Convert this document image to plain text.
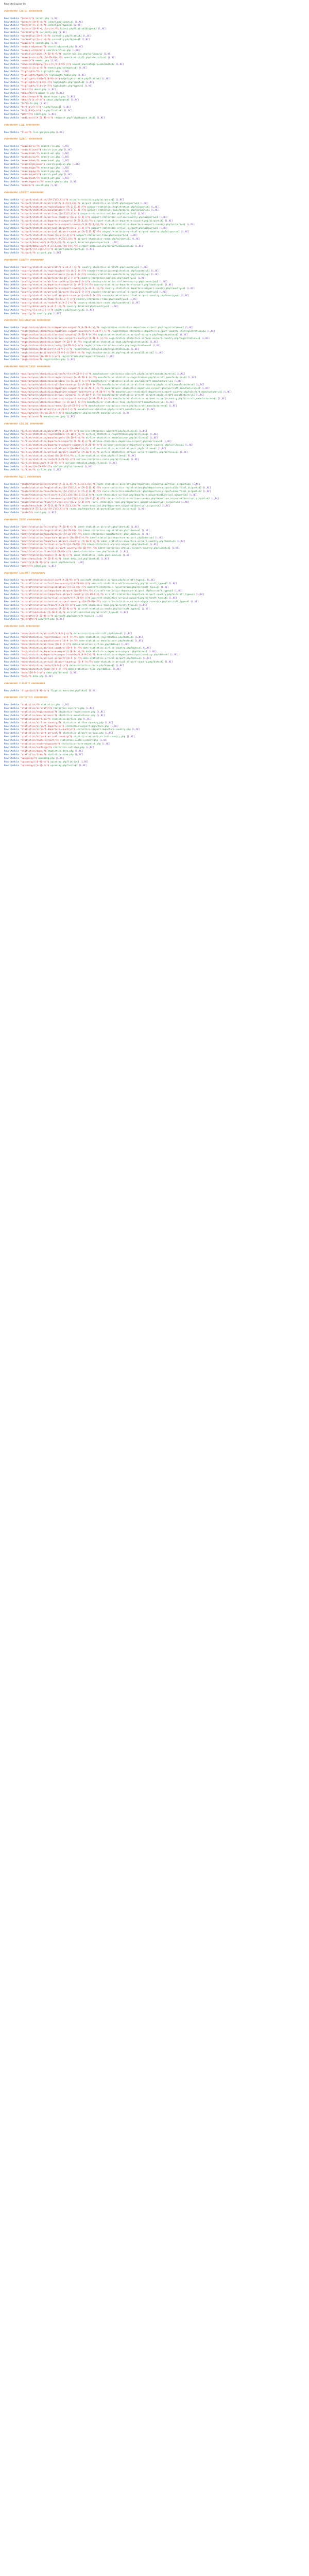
RewriteEngine On
########## STATIC ##########
RewriteRule ^latest/?$ latest.php [L,NC]
RewriteRule ^latest/([0-9]+)/?$ latest.php?limit=$1 [L,NC]
RewriteRule ^latest/([a-z]+)/?$ latest.php?type=$1 [L,NC]
RewriteRule ^latest/([0-9]+)/([a-z]+)/?$ latest.php?limit=$1&type=$2 [L,NC]
RewriteRule ^currently/?$ currently.php [L,NC]
RewriteRule ^currently/([0-9]+)/?$ currently.php?limit=$1 [L,NC]
RewriteRule ^currently/([a-z]+)/?$ currently.php?type=$1 [L,NC]
RewriteRule ^search/?$ search.php [L,NC]
RewriteRule ^search-advanced/?$ search-advanced.php [L,NC]
RewriteRule ^search-archive/?$ search-archive.php [L,NC]
RewriteRule ^search-airline/([A-Z0-9]+)/?$ search-airline.php?airline=$1 [L,NC]
RewriteRule ^search-aircraft/([A-Z0-9]+)/?$ search-aircraft.php?aircraft=$1 [L,NC]
RewriteRule ^newest/?$ newest.php [L,NC]
RewriteRule ^newest/category/([a-z]+)/([0-9]+)/?$ newest.php?category=$1&limit=$2 [L,NC]
RewriteRule ^newest/([a-z]+)/?$ newest.php?category=$1 [L,NC]
RewriteRule ^highlights/?$ highlights.php [L,NC]
RewriteRule ^highlights/table/?$ highlights-table.php [L,NC]
RewriteRule ^highlights/table/([0-9]+)/?$ highlights-table.php?limit=$1 [L,NC]
RewriteRule ^highlights/([0-9]+)/?$ highlights.php?limit=$1 [L,NC]
RewriteRule ^highlights/([a-z]+)/?$ highlights.php?type=$1 [L,NC]
RewriteRule ^about/?$ about.php [L,NC]
RewriteRule ^about/tv/?$ about-tv.php [L,NC]
RewriteRule ^about/export/?$ about-export.php [L,NC]
RewriteRule ^about/([a-z]+)/?$ about.php?page=$1 [L,NC]
RewriteRule ^tv/?$ tv.php [L,NC]
RewriteRule ^tv/([a-z]+)/?$ tv.php?type=$1 [L,NC]
RewriteRule ^tv/([0-9]+)/?$ tv.php?limit=$1 [L,NC]
RewriteRule ^ident/?$ ident.php [L,NC]
RewriteRule ^redirect/([A-Z0-9]+)/?$ redirect.php?flightaware_id=$1 [L,NC]
########## LIVE ##########
RewriteRule ^live/?$ live-geojson.php [L,NC]
########## SEARCH ##########
RewriteRule ^search/rss/?$ search-rss.php [L,NC]
RewriteRule ^search/json/?$ search-json.php [L,NC]
RewriteRule ^search/xml/?$ search-xml.php [L,NC]
RewriteRule ^search/csv/?$ search-csv.php [L,NC]
RewriteRule ^search/kml/?$ search-kml.php [L,NC]
RewriteRule ^search/geojson/?$ search-geojson.php [L,NC]
RewriteRule ^search/gpx/?$ search-gpx.php [L,NC]
RewriteRule ^search/php/?$ search-php.php [L,NC]
RewriteRule ^search/yaml/?$ search-yaml.php [L,NC]
RewriteRule ^search/wkt/?$ search-wkt.php [L,NC]
RewriteRule ^search/georss/?$ search-georss.php [L,NC]
RewriteRule ^search/?$ search.php [L,NC]
########## AIRPORT ##########
RewriteRule ^airport/statistics/([A-Z]{3,4})/?$ airport-statistics.php?airport=$1 [L,NC]
RewriteRule ^airport/statistics/aircraft/([A-Z]{3,4})/?$ airport-statistics-aircraft.php?airport=$1 [L,NC]
RewriteRule ^airport/statistics/registration/([A-Z]{3,4})/?$ airport-statistics-registration.php?airport=$1 [L,NC]
RewriteRule ^airport/statistics/manufacturer/([A-Z]{3,4})/?$ airport-statistics-manufacturer.php?airport=$1 [L,NC]
RewriteRule ^airport/statistics/airline/([A-Z]{3,4})/?$ airport-statistics-airline.php?airport=$1 [L,NC]
RewriteRule ^airport/statistics/airline-country/([A-Z]{3,4})/?$ airport-statistics-airline-country.php?airport=$1 [L,NC]
RewriteRule ^airport/statistics/departure-airport/([A-Z]{3,4})/?$ airport-statistics-departure-airport.php?airport=$1 [L,NC]
RewriteRule ^airport/statistics/departure-airport-country/([A-Z]{3,4})/?$ airport-statistics-departure-airport-country.php?airport=$1 [L,NC]
RewriteRule ^airport/statistics/arrival-airport/([A-Z]{3,4})/?$ airport-statistics-arrival-airport.php?airport=$1 [L,NC]
RewriteRule ^airport/statistics/arrival-airport-country/([A-Z]{3,4})/?$ airport-statistics-arrival-airport-country.php?airport=$1 [L,NC]
RewriteRule ^airport/statistics/time/([A-Z]{3,4})/?$ airport-statistics-time.php?airport=$1 [L,NC]
RewriteRule ^airport/statistics/route/([A-Z]{3,4})/?$ airport-statistics-route.php?airport=$1 [L,NC]
RewriteRule ^airport/detailed/([A-Z]{3,4})/?$ airport-detailed.php?airport=$1 [L,NC]
RewriteRule ^airport/detailed/([A-Z]{3,4})/([0-9]+)/?$ airport-detailed.php?airport=$1&limit=$2 [L,NC]
RewriteRule ^airport/([A-Z]{3,4})/?$ airport.php?airport=$1 [L,NC]
RewriteRule ^airport/?$ airport.php [L,NC]
########## COUNTRY ##########
RewriteRule ^country/statistics/aircraft/([a-zA-Z-]+)/?$ country-statistics-aircraft.php?country=$1 [L,NC]
RewriteRule ^country/statistics/registration/([a-zA-Z-]+)/?$ country-statistics-registration.php?country=$1 [L,NC]
RewriteRule ^country/statistics/manufacturer/([a-zA-Z-]+)/?$ country-statistics-manufacturer.php?country=$1 [L,NC]
RewriteRule ^country/statistics/airline/([a-zA-Z-]+)/?$ country-statistics-airline.php?country=$1 [L,NC]
RewriteRule ^country/statistics/airline-country/([a-zA-Z-]+)/?$ country-statistics-airline-country.php?country=$1 [L,NC]
RewriteRule ^country/statistics/departure-airport/([a-zA-Z-]+)/?$ country-statistics-departure-airport.php?country=$1 [L,NC]
RewriteRule ^country/statistics/departure-airport-country/([a-zA-Z-]+)/?$ country-statistics-departure-airport-country.php?country=$1 [L,NC]
RewriteRule ^country/statistics/arrival-airport/([a-zA-Z-]+)/?$ country-statistics-arrival-airport.php?country=$1 [L,NC]
RewriteRule ^country/statistics/arrival-airport-country/([a-zA-Z-]+)/?$ country-statistics-arrival-airport-country.php?country=$1 [L,NC]
RewriteRule ^country/statistics/time/([a-zA-Z-]+)/?$ country-statistics-time.php?country=$1 [L,NC]
RewriteRule ^country/statistics/route/([a-zA-Z-]+)/?$ country-statistics-route.php?country=$1 [L,NC]
RewriteRule ^country/detailed/([a-zA-Z-]+)/?$ country-detailed.php?country=$1 [L,NC]
RewriteRule ^country/([a-zA-Z-]+)/?$ country.php?country=$1 [L,NC]
RewriteRule ^country/?$ country.php [L,NC]
########## REGISTRATION ##########
RewriteRule ^registration/statistics/departure-airport/([A-Z0-9-]+)/?$ registration-statistics-departure-airport.php?registration=$1 [L,NC]
RewriteRule ^registration/statistics/departure-airport-country/([A-Z0-9-]+)/?$ registration-statistics-departure-airport-country.php?registration=$1 [L,NC]
RewriteRule ^registration/statistics/arrival-airport/([A-Z0-9-]+)/?$ registration-statistics-arrival-airport.php?registration=$1 [L,NC]
RewriteRule ^registration/statistics/arrival-airport-country/([A-Z0-9-]+)/?$ registration-statistics-arrival-airport-country.php?registration=$1 [L,NC]
RewriteRule ^registration/statistics/time/([A-Z0-9-]+)/?$ registration-statistics-time.php?registration=$1 [L,NC]
RewriteRule ^registration/statistics/route/([A-Z0-9-]+)/?$ registration-statistics-route.php?registration=$1 [L,NC]
RewriteRule ^registration/detailed/([A-Z0-9-]+)/?$ registration-detailed.php?registration=$1 [L,NC]
RewriteRule ^registration/detailed/([A-Z0-9-]+)/([0-9]+)/?$ registration-detailed.php?registration=$1&limit=$2 [L,NC]
RewriteRule ^registration/([A-Z0-9-]+)/?$ registration.php?registration=$1 [L,NC]
RewriteRule ^registration/?$ registration.php [L,NC]
########## MANUFACTURER ##########
RewriteRule ^manufacturer/statistics/aircraft/([a-zA-Z0-9-]+)/?$ manufacturer-statistics-aircraft.php?aircraft_manufacturer=$1 [L,NC]
RewriteRule ^manufacturer/statistics/registration/([a-zA-Z0-9-]+)/?$ manufacturer-statistics-registration.php?aircraft_manufacturer=$1 [L,NC]
RewriteRule ^manufacturer/statistics/airline/([a-zA-Z0-9-]+)/?$ manufacturer-statistics-airline.php?aircraft_manufacturer=$1 [L,NC]
RewriteRule ^manufacturer/statistics/airline-country/([a-zA-Z0-9-]+)/?$ manufacturer-statistics-airline-country.php?aircraft_manufacturer=$1 [L,NC]
RewriteRule ^manufacturer/statistics/departure-airport/([a-zA-Z0-9-]+)/?$ manufacturer-statistics-departure-airport.php?aircraft_manufacturer=$1 [L,NC]
RewriteRule ^manufacturer/statistics/departure-airport-country/([a-zA-Z0-9-]+)/?$ manufacturer-statistics-departure-airport-country.php?aircraft_manufacturer=$1 [L,NC]
RewriteRule ^manufacturer/statistics/arrival-airport/([a-zA-Z0-9-]+)/?$ manufacturer-statistics-arrival-airport.php?aircraft_manufacturer=$1 [L,NC]
RewriteRule ^manufacturer/statistics/arrival-airport-country/([a-zA-Z0-9-]+)/?$ manufacturer-statistics-arrival-airport-country.php?aircraft_manufacturer=$1 [L,NC]
RewriteRule ^manufacturer/statistics/time/([a-zA-Z0-9-]+)/?$ manufacturer-statistics-time.php?aircraft_manufacturer=$1 [L,NC]
RewriteRule ^manufacturer/statistics/route/([a-zA-Z0-9-]+)/?$ manufacturer-statistics-route.php?aircraft_manufacturer=$1 [L,NC]
RewriteRule ^manufacturer/detailed/([a-zA-Z0-9-]+)/?$ manufacturer-detailed.php?aircraft_manufacturer=$1 [L,NC]
RewriteRule ^manufacturer/([a-zA-Z0-9-]+)/?$ manufacturer.php?aircraft_manufacturer=$1 [L,NC]
RewriteRule ^manufacturer/?$ manufacturer.php [L,NC]
########## AIRLINE ##########
RewriteRule ^airline/statistics/aircraft/([A-Z0-9]+)/?$ airline-statistics-aircraft.php?airline=$1 [L,NC]
RewriteRule ^airline/statistics/registration/([A-Z0-9]+)/?$ airline-statistics-registration.php?airline=$1 [L,NC]
RewriteRule ^airline/statistics/manufacturer/([A-Z0-9]+)/?$ airline-statistics-manufacturer.php?airline=$1 [L,NC]
RewriteRule ^airline/statistics/departure-airport/([A-Z0-9]+)/?$ airline-statistics-departure-airport.php?airline=$1 [L,NC]
RewriteRule ^airline/statistics/departure-airport-country/([A-Z0-9]+)/?$ airline-statistics-departure-airport-country.php?airline=$1 [L,NC]
RewriteRule ^airline/statistics/arrival-airport/([A-Z0-9]+)/?$ airline-statistics-arrival-airport.php?airline=$1 [L,NC]
RewriteRule ^airline/statistics/arrival-airport-country/([A-Z0-9]+)/?$ airline-statistics-arrival-airport-country.php?airline=$1 [L,NC]
RewriteRule ^airline/statistics/time/([A-Z0-9]+)/?$ airline-statistics-time.php?airline=$1 [L,NC]
RewriteRule ^airline/statistics/route/([A-Z0-9]+)/?$ airline-statistics-route.php?airline=$1 [L,NC]
RewriteRule ^airline/detailed/([A-Z0-9]+)/?$ airline-detailed.php?airline=$1 [L,NC]
RewriteRule ^airline/([A-Z0-9]+)/?$ airline.php?airline=$1 [L,NC]
RewriteRule ^airline/?$ airline.php [L,NC]
########## ROUTE ##########
RewriteRule ^route/statistics/aircraft/([A-Z]{3,4})/([A-Z]{3,4})/?$ route-statistics-aircraft.php?departure_airport=$1&arrival_airport=$2 [L,NC]
RewriteRule ^route/statistics/registration/([A-Z]{3,4})/([A-Z]{3,4})/?$ route-statistics-registration.php?departure_airport=$1&arrival_airport=$2 [L,NC]
RewriteRule ^route/statistics/manufacturer/([A-Z]{3,4})/([A-Z]{3,4})/?$ route-statistics-manufacturer.php?departure_airport=$1&arrival_airport=$2 [L,NC]
RewriteRule ^route/statistics/airline/([A-Z]{3,4})/([A-Z]{3,4})/?$ route-statistics-airline.php?departure_airport=$1&arrival_airport=$2 [L,NC]
RewriteRule ^route/statistics/airline-country/([A-Z]{3,4})/([A-Z]{3,4})/?$ route-statistics-airline-country.php?departure_airport=$1&arrival_airport=$2 [L,NC]
RewriteRule ^route/statistics/time/([A-Z]{3,4})/([A-Z]{3,4})/?$ route-statistics-time.php?departure_airport=$1&arrival_airport=$2 [L,NC]
RewriteRule ^route/detailed/([A-Z]{3,4})/([A-Z]{3,4})/?$ route-detailed.php?departure_airport=$1&arrival_airport=$2 [L,NC]
RewriteRule ^route/([A-Z]{3,4})/([A-Z]{3,4})/?$ route.php?departure_airport=$1&arrival_airport=$2 [L,NC]
RewriteRule ^route/?$ route.php [L,NC]
########## IDENT ##########
RewriteRule ^ident/statistics/aircraft/([A-Z0-9]+)/?$ ident-statistics-aircraft.php?ident=$1 [L,NC]
RewriteRule ^ident/statistics/registration/([A-Z0-9]+)/?$ ident-statistics-registration.php?ident=$1 [L,NC]
RewriteRule ^ident/statistics/manufacturer/([A-Z0-9]+)/?$ ident-statistics-manufacturer.php?ident=$1 [L,NC]
RewriteRule ^ident/statistics/departure-airport/([A-Z0-9]+)/?$ ident-statistics-departure-airport.php?ident=$1 [L,NC]
RewriteRule ^ident/statistics/departure-airport-country/([A-Z0-9]+)/?$ ident-statistics-departure-airport-country.php?ident=$1 [L,NC]
RewriteRule ^ident/statistics/arrival-airport/([A-Z0-9]+)/?$ ident-statistics-arrival-airport.php?ident=$1 [L,NC]
RewriteRule ^ident/statistics/arrival-airport-country/([A-Z0-9]+)/?$ ident-statistics-arrival-airport-country.php?ident=$1 [L,NC]
RewriteRule ^ident/statistics/time/([A-Z0-9]+)/?$ ident-statistics-time.php?ident=$1 [L,NC]
RewriteRule ^ident/statistics/route/([A-Z0-9]+)/?$ ident-statistics-route.php?ident=$1 [L,NC]
RewriteRule ^ident/detailed/([A-Z0-9]+)/?$ ident-detailed.php?ident=$1 [L,NC]
RewriteRule ^ident/([A-Z0-9]+)/?$ ident.php?ident=$1 [L,NC]
RewriteRule ^ident/?$ ident.php [L,NC]
########## AIRCRAFT ##########
RewriteRule ^aircraft/statistics/airline/([A-Z0-9]+)/?$ aircraft-statistics-airline.php?aircraft_type=$1 [L,NC]
RewriteRule ^aircraft/statistics/airline-country/([A-Z0-9]+)/?$ aircraft-statistics-airline-country.php?aircraft_type=$1 [L,NC]
RewriteRule ^aircraft/statistics/registration/([A-Z0-9]+)/?$ aircraft-statistics-registration.php?aircraft_type=$1 [L,NC]
RewriteRule ^aircraft/statistics/departure-airport/([A-Z0-9]+)/?$ aircraft-statistics-departure-airport.php?aircraft_type=$1 [L,NC]
RewriteRule ^aircraft/statistics/departure-airport-country/([A-Z0-9]+)/?$ aircraft-statistics-departure-airport-country.php?aircraft_type=$1 [L,NC]
RewriteRule ^aircraft/statistics/arrival-airport/([A-Z0-9]+)/?$ aircraft-statistics-arrival-airport.php?aircraft_type=$1 [L,NC]
RewriteRule ^aircraft/statistics/arrival-airport-country/([A-Z0-9]+)/?$ aircraft-statistics-arrival-airport-country.php?aircraft_type=$1 [L,NC]
RewriteRule ^aircraft/statistics/time/([A-Z0-9]+)/?$ aircraft-statistics-time.php?aircraft_type=$1 [L,NC]
RewriteRule ^aircraft/statistics/route/([A-Z0-9]+)/?$ aircraft-statistics-route.php?aircraft_type=$1 [L,NC]
RewriteRule ^aircraft/detailed/([A-Z0-9]+)/?$ aircraft-detailed.php?aircraft_type=$1 [L,NC]
RewriteRule ^aircraft/([A-Z0-9]+)/?$ aircraft.php?aircraft_type=$1 [L,NC]
RewriteRule ^aircraft/?$ aircraft.php [L,NC]
########## DATE ##########
RewriteRule ^date/statistics/aircraft/([0-9-]+)/?$ date-statistics-aircraft.php?date=$1 [L,NC]
RewriteRule ^date/statistics/registration/([0-9-]+)/?$ date-statistics-registration.php?date=$1 [L,NC]
RewriteRule ^date/statistics/manufacturer/([0-9-]+)/?$ date-statistics-manufacturer.php?date=$1 [L,NC]
RewriteRule ^date/statistics/airline/([0-9-]+)/?$ date-statistics-airline.php?date=$1 [L,NC]
RewriteRule ^date/statistics/airline-country/([0-9-]+)/?$ date-statistics-airline-country.php?date=$1 [L,NC]
RewriteRule ^date/statistics/departure-airport/([0-9-]+)/?$ date-statistics-departure-airport.php?date=$1 [L,NC]
RewriteRule ^date/statistics/departure-airport-country/([0-9-]+)/?$ date-statistics-departure-airport-country.php?date=$1 [L,NC]
RewriteRule ^date/statistics/arrival-airport/([0-9-]+)/?$ date-statistics-arrival-airport.php?date=$1 [L,NC]
RewriteRule ^date/statistics/arrival-airport-country/([0-9-]+)/?$ date-statistics-arrival-airport-country.php?date=$1 [L,NC]
RewriteRule ^date/statistics/route/([0-9-]+)/?$ date-statistics-route.php?date=$1 [L,NC]
RewriteRule ^date/statistics/time/([0-9-]+)/?$ date-statistics-time.php?date=$1 [L,NC]
RewriteRule ^date/([0-9-]+)/?$ date.php?date=$1 [L,NC]
RewriteRule ^date/?$ date.php [L,NC]
########## FLIGHTID ##########
RewriteRule ^flightid/([0-9]+)/?$ flightid-overview.php?id=$1 [L,NC]
########## STATISTICS ##########
RewriteRule ^statistics/?$ statistics.php [L,NC]
RewriteRule ^statistics/aircraft/?$ statistics-aircraft.php [L,NC]
RewriteRule ^statistics/registration/?$ statistics-registration.php [L,NC]
RewriteRule ^statistics/manufacturer/?$ statistics-manufacturer.php [L,NC]
RewriteRule ^statistics/airline/?$ statistics-airline.php [L,NC]
RewriteRule ^statistics/airline-country/?$ statistics-airline-country.php [L,NC]
RewriteRule ^statistics/airport-departure/?$ statistics-airport-departure.php [L,NC]
RewriteRule ^statistics/airport-departure-country/?$ statistics-airport-departure-country.php [L,NC]
RewriteRule ^statistics/airport-arrival/?$ statistics-airport-arrival.php [L,NC]
RewriteRule ^statistics/airport-arrival-country/?$ statistics-airport-arrival-country.php [L,NC]
RewriteRule ^statistics/route-airport/?$ statistics-route-airport.php [L,NC]
RewriteRule ^statistics/route-waypoint/?$ statistics-route-waypoint.php [L,NC]
RewriteRule ^statistics/callsign/?$ statistics-callsign.php [L,NC]
RewriteRule ^statistics/date/?$ statistics-date.php [L,NC]
RewriteRule ^statistics/time/?$ statistics-time.php [L,NC]
RewriteRule ^upcoming/?$ upcoming.php [L,NC]
RewriteRule ^upcoming/([0-9]+)/?$ upcoming.php?limit=$1 [L,NC]
RewriteRule ^upcoming/([a-z]+)/?$ upcoming.php?sort=$1 [L,NC]
